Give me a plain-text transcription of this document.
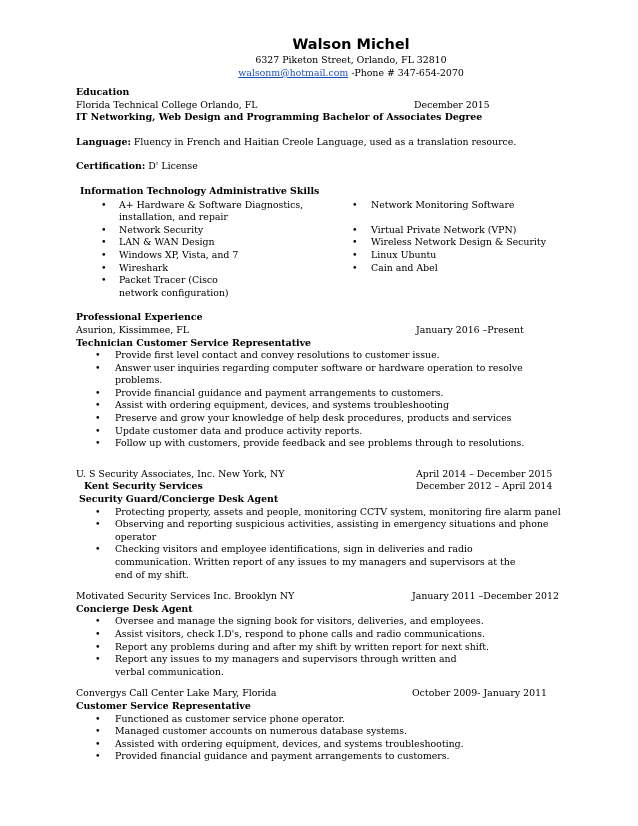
Walson Michel
6327 Piketon Street, Orlando, FL 32810
walsonm@hotmail.com -Phone # 347-654-2070
Education
Florida Technical College Orlando, FL	December 2015
IT Networking, Web Design and Programming Bachelor of Associates Degree
Language: Fluency in French and Haitian Creole Language, used as a translation resource.
Certification: D' License
Information Technology Administrative Skills
• A+ Hardware & Software Diagnostics, installation, and repair
• Network Security
• LAN & WAN Design
• Windows XP, Vista, and 7
• Wireshark
• Packet Tracer (Cisco network configuration)
• Network Monitoring Software
• Virtual Private Network (VPN)
• Wireless Network Design & Security
• Linux Ubuntu
• Cain and Abel
Professional Experience
Asurion, Kissimmee, FL	January 2016 –Present
Technician Customer Service Representative
• Provide first level contact and convey resolutions to customer issue.
• Answer user inquiries regarding computer software or hardware operation to resolve problems.
• Provide financial guidance and payment arrangements to customers.
• Assist with ordering equipment, devices, and systems troubleshooting
• Preserve and grow your knowledge of help desk procedures, products and services
• Update customer data and produce activity reports.
• Follow up with customers, provide feedback and see problems through to resolutions.
U. S Security Associates, Inc. New York, NY	April 2014 – December 2015
Kent Security Services	December 2012 – April 2014
Security Guard/Concierge Desk Agent
• Protecting property, assets and people, monitoring CCTV system, monitoring fire alarm panel
• Observing and reporting suspicious activities, assisting in emergency situations and phone operator
• Checking visitors and employee identifications, sign in deliveries and radio communication. Written report of any issues to my managers and supervisors at the end of my shift.
Motivated Security Services Inc. Brooklyn NY	January 2011 –December 2012
Concierge Desk Agent
• Oversee and manage the signing book for visitors, deliveries, and employees.
• Assist visitors, check I.D's, respond to phone calls and radio communications.
• Report any problems during and after my shift by written report for next shift.
• Report any issues to my managers and supervisors through written and verbal communication.
Convergys Call Center Lake Mary, Florida	October 2009- January 2011
Customer Service Representative
• Functioned as customer service phone operator.
• Managed customer accounts on numerous database systems.
• Assisted with ordering equipment, devices, and systems troubleshooting.
• Provided financial guidance and payment arrangements to customers.
